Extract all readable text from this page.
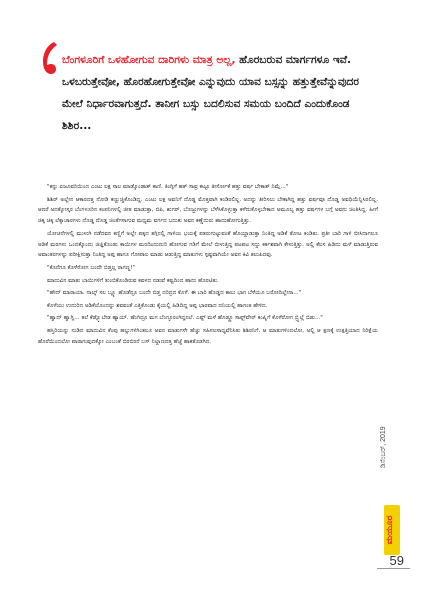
ಬೆಂಗಳೂರಿಗೆ ಒಳಹೋಗುವ ದಾರಿಗಳು ಮಾತ್ರ ಅಲ್ಲ, ಹೊರಬರುವ ಮಾರ್ಗಗಳೂ ಇವೆ. ಒಳಬರುತ್ತೇವೋ, ಹೊರಹೋಗುತ್ತೇವೋ ಎನ್ನುವುದು ಯಾವ ಬಸ್ಸನ್ನು ಹತ್ತುತ್ತೇವೆನ್ನುವುದರ ಮೇಲೆ ನಿರ್ಧಾರವಾಗುತ್ತದೆ. ತಾನೀಗ ಬಸ್ಸು ಬದಲಿಸುವ ಸಮಯ ಬಂದಿದೆ ಎಂದುಕೊಂಡ ಶಿಶಿರ...

"ಕನ್ನು ಏಜೂವರಿಯಿಂದ ಎಂಟು ಲಕ್ಷ ಸಾಲ ಮಾಡ್ಕೊಂಡಾತ್ ಕಾಣಿ. ತಿಂಗ್ಳಿಗೆ ಹತ್ ಸಾವ್ರ ಕಟ್ಟೂ ತೀರ್ಸೋಕೆ ಹತ್ತು ವರ್ಷ ಬೇಕಾತ್ ನಿಮ್ಗೆ..."

ಶಿಶಿರ್ ಅಲ್ಲೇನ ಆಕಾರದತ್ತ ನೋಡಿ ಕಣ್ಣುಚ್ಚಿಕೊಂಡಿದ್ದ. ಎಂಟು ಲಕ್ಷ ಅವನಿಗೆ ದೊಡ್ಡ ಮೊತ್ತವಾಗಿ ಕಂಡಿರಲಿಲ್ಲ. ಅದನ್ನು ತೀರಿಸಲು ಬೇಕಾಗಿದ್ದ ಹತ್ತು ವರ್ಷವೂ ದೊಡ್ಡ ಅವಧಿಯೆನ್ನಿಸಿರಲಿಲ್ಲ. ಆದರೆ ಅದಕ್ಕೋಸ್ಕರ ಬೆಂಗಳೂರಿನ ಕಂಪನಿಗಳಲ್ಲಿ ಜೀತ ಮಾಡುತ್ತಾ, ಬಿಪಿ, ಶುಗರ್, ಬೊಜ್ಜುಗಳನ್ನು ಬೆಳೆಸಿಕೊಳ್ಳುತ್ತಾ ಕಳೆದುಕೊಳ್ಳಬೇಕಾದ ಅಮೂಲ್ಯ ಹತ್ತು ವರ್ಷಗಳ ಬಗ್ಗೆ ಅವನು ಚಿಂತಿಸಿದ್ದ. ಹೀಗೆ ಚಿಕ್ಕ ಚಿಕ್ಕ ಲೆಕ್ಕಾಚಾರಗಳು ದೊಡ್ಡ ದೊಡ್ಡ ಚಿಂತೆಗಳಾಗುವ ಮಧ್ಯಮ ವರ್ಗದ ಬದುಕು ಅವನ ಕಣ್ಣೆದುರು ಹಾದುಹೋಗುತ್ತಿತ್ತು.

ಯೋಚನೆಗಳಲ್ಲಿ ಮುಳುಗಿ ನಡೆದವನ ಕಣ್ಣಿಗೆ ಅಲ್ಲೇ ಪಕ್ಕದ ತಗ್ಗಿನಲ್ಲಿ ಗಾಳಿಯ ಭಯಕ್ಕೆ ಪತರುಗುಟ್ಟುವಂತೆ ಹೊಯ್ದಾಡುತ್ತಾ ನಿಂತಿದ್ದ ಅಡಿಕೆ ತೋಟ ಕಂಡಿತು. ಪ್ರತೀ ಬಾರಿ ಗಾಳಿ ಬೀಸಿದಾಗಲೂ ಅಡಿಕೆ ಮರಗಳು ಒಂದಕ್ಕೊಂದು ಜಿಜ್ಞಿಕೊಂಡು ಕಾಯಿಗಳ ಮರದಿಂದುದುರಿ ಹೋಗುವ ಗಡಿಗೆ ಮೇಲೆ ಬೀಳುತ್ತಿದ್ದ ಪಟಪಟ ಸದ್ದು ಕರ್ಕಶವಾಗಿ ಕೇಳುತ್ತಿತ್ತು. ಅಲ್ಲಿ ಕೆಲಸ ಹಿಡಿದು ಮಳೆ ಮಾಡುತ್ತಿರುವ ಅವಾಂತರಗಳನ್ನು ಪರೀಕ್ಷಿಸುತ್ತಾ ನಿಂತಿದ್ದ ಅಪ್ಪ ಹಾಗೂ ಗೋಪಾಲ ಮಾಡು ಆಡುತ್ತಿದ್ದ ಮಾತುಗಳು ಸ್ಪಷ್ಟವಾಗಿಯೇ ಅವನ ಕಿವಿ ತಲುಪಿದವು.

"ಕೊನೆಗೂ ಕೊಳೆರೋಗ ಬಂದೇ ಬಿಡ್ತಲ್ಲ ರಾಗಣ್ಣ!"

ಮಾದುವಿನ ಮಾತು ಬಾಯಿಗಳಿಗೆ ತುಂಬಿಕೊಂಡಿರುವ ಕವಳದ ನಡುವೆ ಕಷ್ಟದಿಂದ ಹಾದು ಹೊರಟಿತು.

"ಹೌದ್ ಮಾರಾಯಾ. ನಾಲ್ಕ್ ಸಲ ಬ್ಲ್ಯೂ ಹೊಡೆದ್ರೂ ಬಂದೇ ಬಿಡ್ತ ದರಿದ್ರದ ಕೊಳೆ. ಈ ಬಾರಿ ಹೊಡ್ಡದ ಕಾಲು ಭಾಗ ಬೆಳೆಯೂ ಬರೋದಿಲ್ಲೇನಾ..."

ಕೊಳೆಯು ಉದುರಿದ ಅಡಿಕೆಯೊಂದನ್ನು ಶವವಂತೆ ಎತ್ತಿಕೊಂಡು ಕೈಯಲ್ಲಿ ಹಿಡಿದಿದ್ದ ಅಪ್ಪ ಭಾರವಾದ ದನಿಯಲ್ಲಿ ಹಾಗಂತ ಹೇಳಿದ.

"ಹ್ವಾದ್ ಹ್ವಾಗ್ಲಿ... ತಲೆ ಕೆಡ್ಸ್ಕೊಬೇಡ ಹ್ಯಾಯ್. ಹೆಂಗಿದ್ರೂ ಮಗ ಬೆಂಗ್ಳೂರಂಗಿದ್ದನಲೆ. ಎಷ್ಟ್ ಮಳೆ ಹೊಡ್ದ್ರೂ ಸಾಫ್ಟ್‌ವೇರ್ ಕಂಪ್ನಿಗೆ ಕೊಳೆರೋಗ ಬ್ರ್ತಿಲ್ಲೆ ಬಿಡು..."

ಹಸ್ತಿರಿಯನ್ನು ನುಡಿದ ಮಾದುವಿನ ಕೆಂಪು ಹಲ್ಲುಗಳಿಗಿಂತಲೂ ಅವನ ಮಾತುಗಳೇ ಹೆಚ್ಚು ಸಹಿಸಲಸಾಧ್ಯವೆನಿಸಿತು ಶಿಶಿರನಿಗೆ. ಆ ಮಾತುಗಳಿಂದಲೋ, ಅಲ್ಲಿ ಆ ಕ್ಷಣಕ್ಕೆ ಉತ್ಪತ್ತಿಯಾದ ನಿರಿಕ್ಷೆಯ ಹೊರೆಯಿಂದಲೋ ಪಾರಾಗುವುದಕ್ಕೋ ಎಂಬಂತೆ ಬಿರಬಿರನೆ ಬಸ್ ನಿಲ್ದಾಣದತ್ತ ಹೆಜ್ಜೆ ಹಾಕತೊಡಗಿದ.

ಡಿಸೆಂಬರ್, 2019
ಮಯೂರ
59
